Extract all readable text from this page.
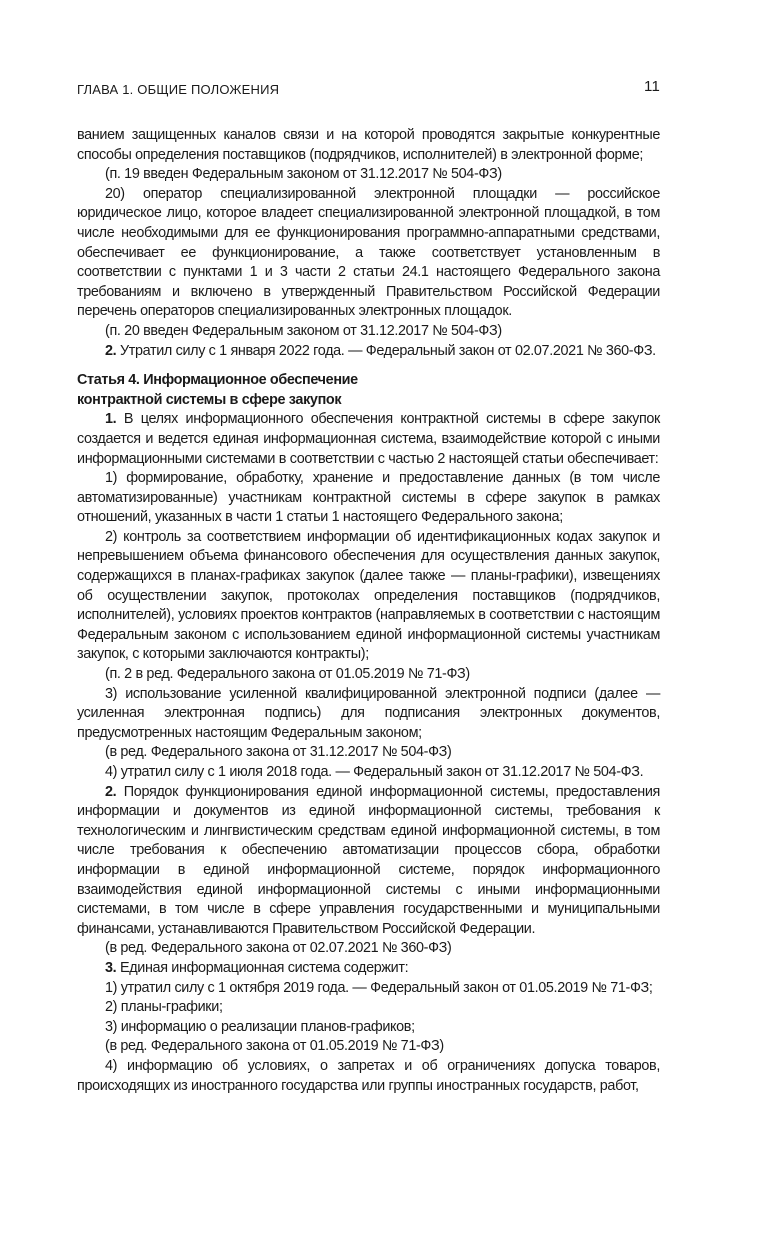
ГЛАВА 1. ОБЩИЕ ПОЛОЖЕНИЯ	11

ванием защищенных каналов связи и на которой проводятся закрытые конкурентные способы определения поставщиков (подрядчиков, исполнителей) в электронной форме;

(п. 19 введен Федеральным законом от 31.12.2017 № 504-ФЗ)

20) оператор специализированной электронной площадки — российское юридическое лицо, которое владеет специализированной электронной площадкой, в том числе необходимыми для ее функционирования программно-аппаратными средствами, обеспечивает ее функционирование, а также соответствует установленным в соответствии с пунктами 1 и 3 части 2 статьи 24.1 настоящего Федерального закона требованиям и включено в утвержденный Правительством Российской Федерации перечень операторов специализированных электронных площадок.

(п. 20 введен Федеральным законом от 31.12.2017 № 504-ФЗ)

2. Утратил силу с 1 января 2022 года. — Федеральный закон от 02.07.2021 № 360-ФЗ.

Статья 4. Информационное обеспечение
контрактной системы в сфере закупок

1. В целях информационного обеспечения контрактной системы в сфере закупок создается и ведется единая информационная система, взаимодействие которой с иными информационными системами в соответствии с частью 2 настоящей статьи обеспечивает:

1) формирование, обработку, хранение и предоставление данных (в том числе автоматизированные) участникам контрактной системы в сфере закупок в рамках отношений, указанных в части 1 статьи 1 настоящего Федерального закона;

2) контроль за соответствием информации об идентификационных кодах закупок и непревышением объема финансового обеспечения для осуществления данных закупок, содержащихся в планах-графиках закупок (далее также — планы-графики), извещениях об осуществлении закупок, протоколах определения поставщиков (подрядчиков, исполнителей), условиях проектов контрактов (направляемых в соответствии с настоящим Федеральным законом с использованием единой информационной системы участникам закупок, с которыми заключаются контракты);

(п. 2 в ред. Федерального закона от 01.05.2019 № 71-ФЗ)

3) использование усиленной квалифицированной электронной подписи (далее — усиленная электронная подпись) для подписания электронных документов, предусмотренных настоящим Федеральным законом;

(в ред. Федерального закона от 31.12.2017 № 504-ФЗ)

4) утратил силу с 1 июля 2018 года. — Федеральный закон от 31.12.2017 № 504-ФЗ.

2. Порядок функционирования единой информационной системы, предоставления информации и документов из единой информационной системы, требования к технологическим и лингвистическим средствам единой информационной системы, в том числе требования к обеспечению автоматизации процессов сбора, обработки информации в единой информационной системе, порядок информационного взаимодействия единой информационной системы с иными информационными системами, в том числе в сфере управления государственными и муниципальными финансами, устанавливаются Правительством Российской Федерации.

(в ред. Федерального закона от 02.07.2021 № 360-ФЗ)

3. Единая информационная система содержит:

1) утратил силу с 1 октября 2019 года. — Федеральный закон от 01.05.2019 № 71-ФЗ;

2) планы-графики;

3) информацию о реализации планов-графиков;

(в ред. Федерального закона от 01.05.2019 № 71-ФЗ)

4) информацию об условиях, о запретах и об ограничениях допуска товаров, происходящих из иностранного государства или группы иностранных государств, работ,
